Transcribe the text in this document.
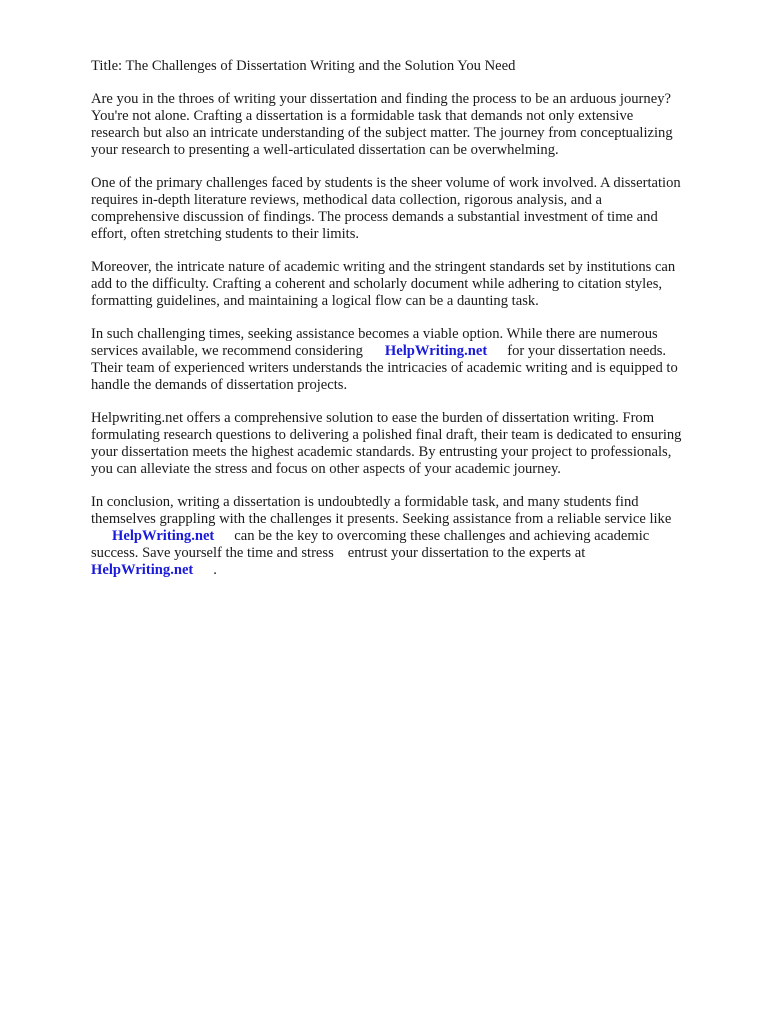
Title: The Challenges of Dissertation Writing and the Solution You Need

Are you in the throes of writing your dissertation and finding the process to be an arduous journey?
You're not alone. Crafting a dissertation is a formidable task that demands not only extensive
research but also an intricate understanding of the subject matter. The journey from conceptualizing
your research to presenting a well-articulated dissertation can be overwhelming.

One of the primary challenges faced by students is the sheer volume of work involved. A dissertation
requires in-depth literature reviews, methodical data collection, rigorous analysis, and a
comprehensive discussion of findings. The process demands a substantial investment of time and
effort, often stretching students to their limits.

Moreover, the intricate nature of academic writing and the stringent standards set by institutions can
add to the difficulty. Crafting a coherent and scholarly document while adhering to citation styles,
formatting guidelines, and maintaining a logical flow can be a daunting task.

In such challenging times, seeking assistance becomes a viable option. While there are numerous
services available, we recommend considering HelpWriting.net for your dissertation needs.
Their team of experienced writers understands the intricacies of academic writing and is equipped to
handle the demands of dissertation projects.

Helpwriting.net offers a comprehensive solution to ease the burden of dissertation writing. From
formulating research questions to delivering a polished final draft, their team is dedicated to ensuring
your dissertation meets the highest academic standards. By entrusting your project to professionals,
you can alleviate the stress and focus on other aspects of your academic journey.

In conclusion, writing a dissertation is undoubtedly a formidable task, and many students find
themselves grappling with the challenges it presents. Seeking assistance from a reliable service like
HelpWriting.net can be the key to overcoming these challenges and achieving academic
success. Save yourself the time and stress entrust your dissertation to the experts at
HelpWriting.net .
